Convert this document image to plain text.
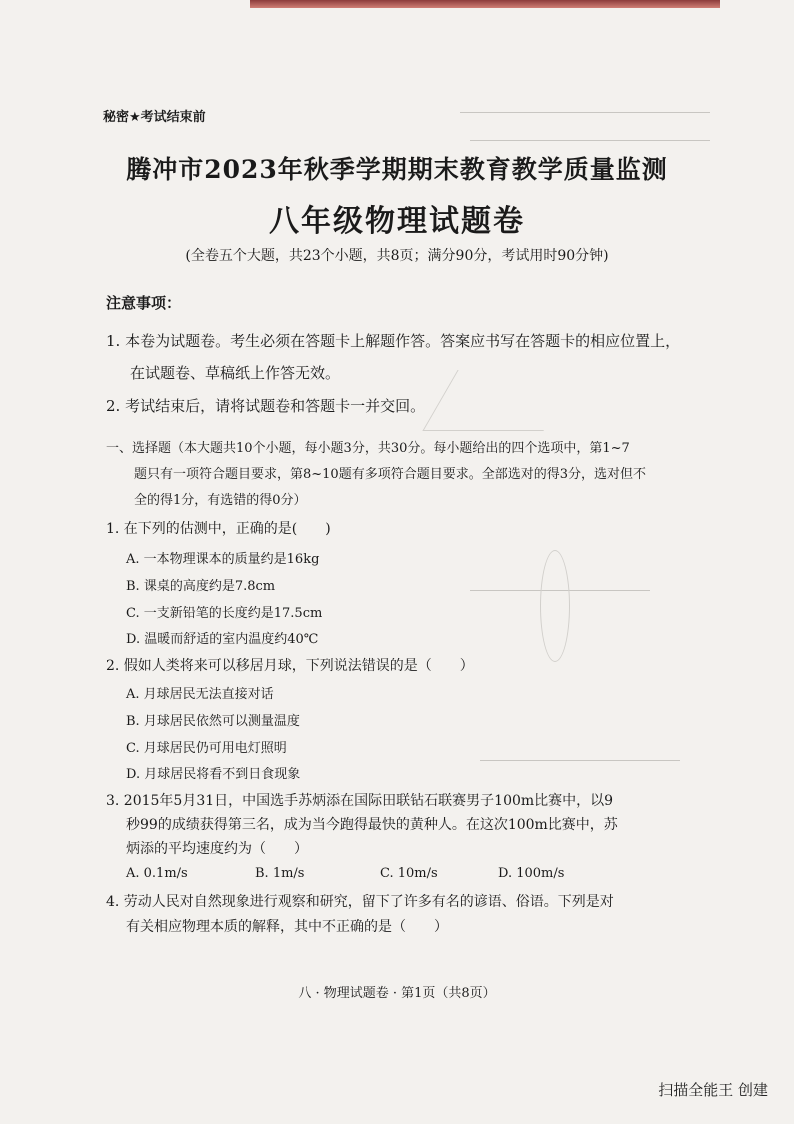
秘密★考试结束前
腾冲市2023年秋季学期期末教育教学质量监测
八年级物理试题卷
(全卷五个大题，共23个小题，共8页；满分90分，考试用时90分钟)
注意事项：
1. 本卷为试题卷。考生必须在答题卡上解题作答。答案应书写在答题卡的相应位置上，
在试题卷、草稿纸上作答无效。
2. 考试结束后，请将试题卷和答题卡一并交回。
一、选择题（本大题共10个小题，每小题3分，共30分。每小题给出的四个选项中，第1~7
题只有一项符合题目要求，第8~10题有多项符合题目要求。全部选对的得3分，选对但不
全的得1分，有选错的得0分）
1. 在下列的估测中，正确的是(　　)
A. 一本物理课本的质量约是16kg
B. 课桌的高度约是7.8cm
C. 一支新铅笔的长度约是17.5cm
D. 温暖而舒适的室内温度约40℃
2. 假如人类将来可以移居月球，下列说法错误的是（　　）
A. 月球居民无法直接对话
B. 月球居民依然可以测量温度
C. 月球居民仍可用电灯照明
D. 月球居民将看不到日食现象
3. 2015年5月31日，中国选手苏炳添在国际田联钻石联赛男子100m比赛中，以9
秒99的成绩获得第三名，成为当今跑得最快的黄种人。在这次100m比赛中，苏
炳添的平均速度约为（　　）
A. 0.1m/s	B. 1m/s	C. 10m/s	D. 100m/s
4. 劳动人民对自然现象进行观察和研究，留下了许多有名的谚语、俗语。下列是对
有关相应物理本质的解释，其中不正确的是（　　）
八 · 物理试题卷 · 第1页（共8页）
扫描全能王 创建
